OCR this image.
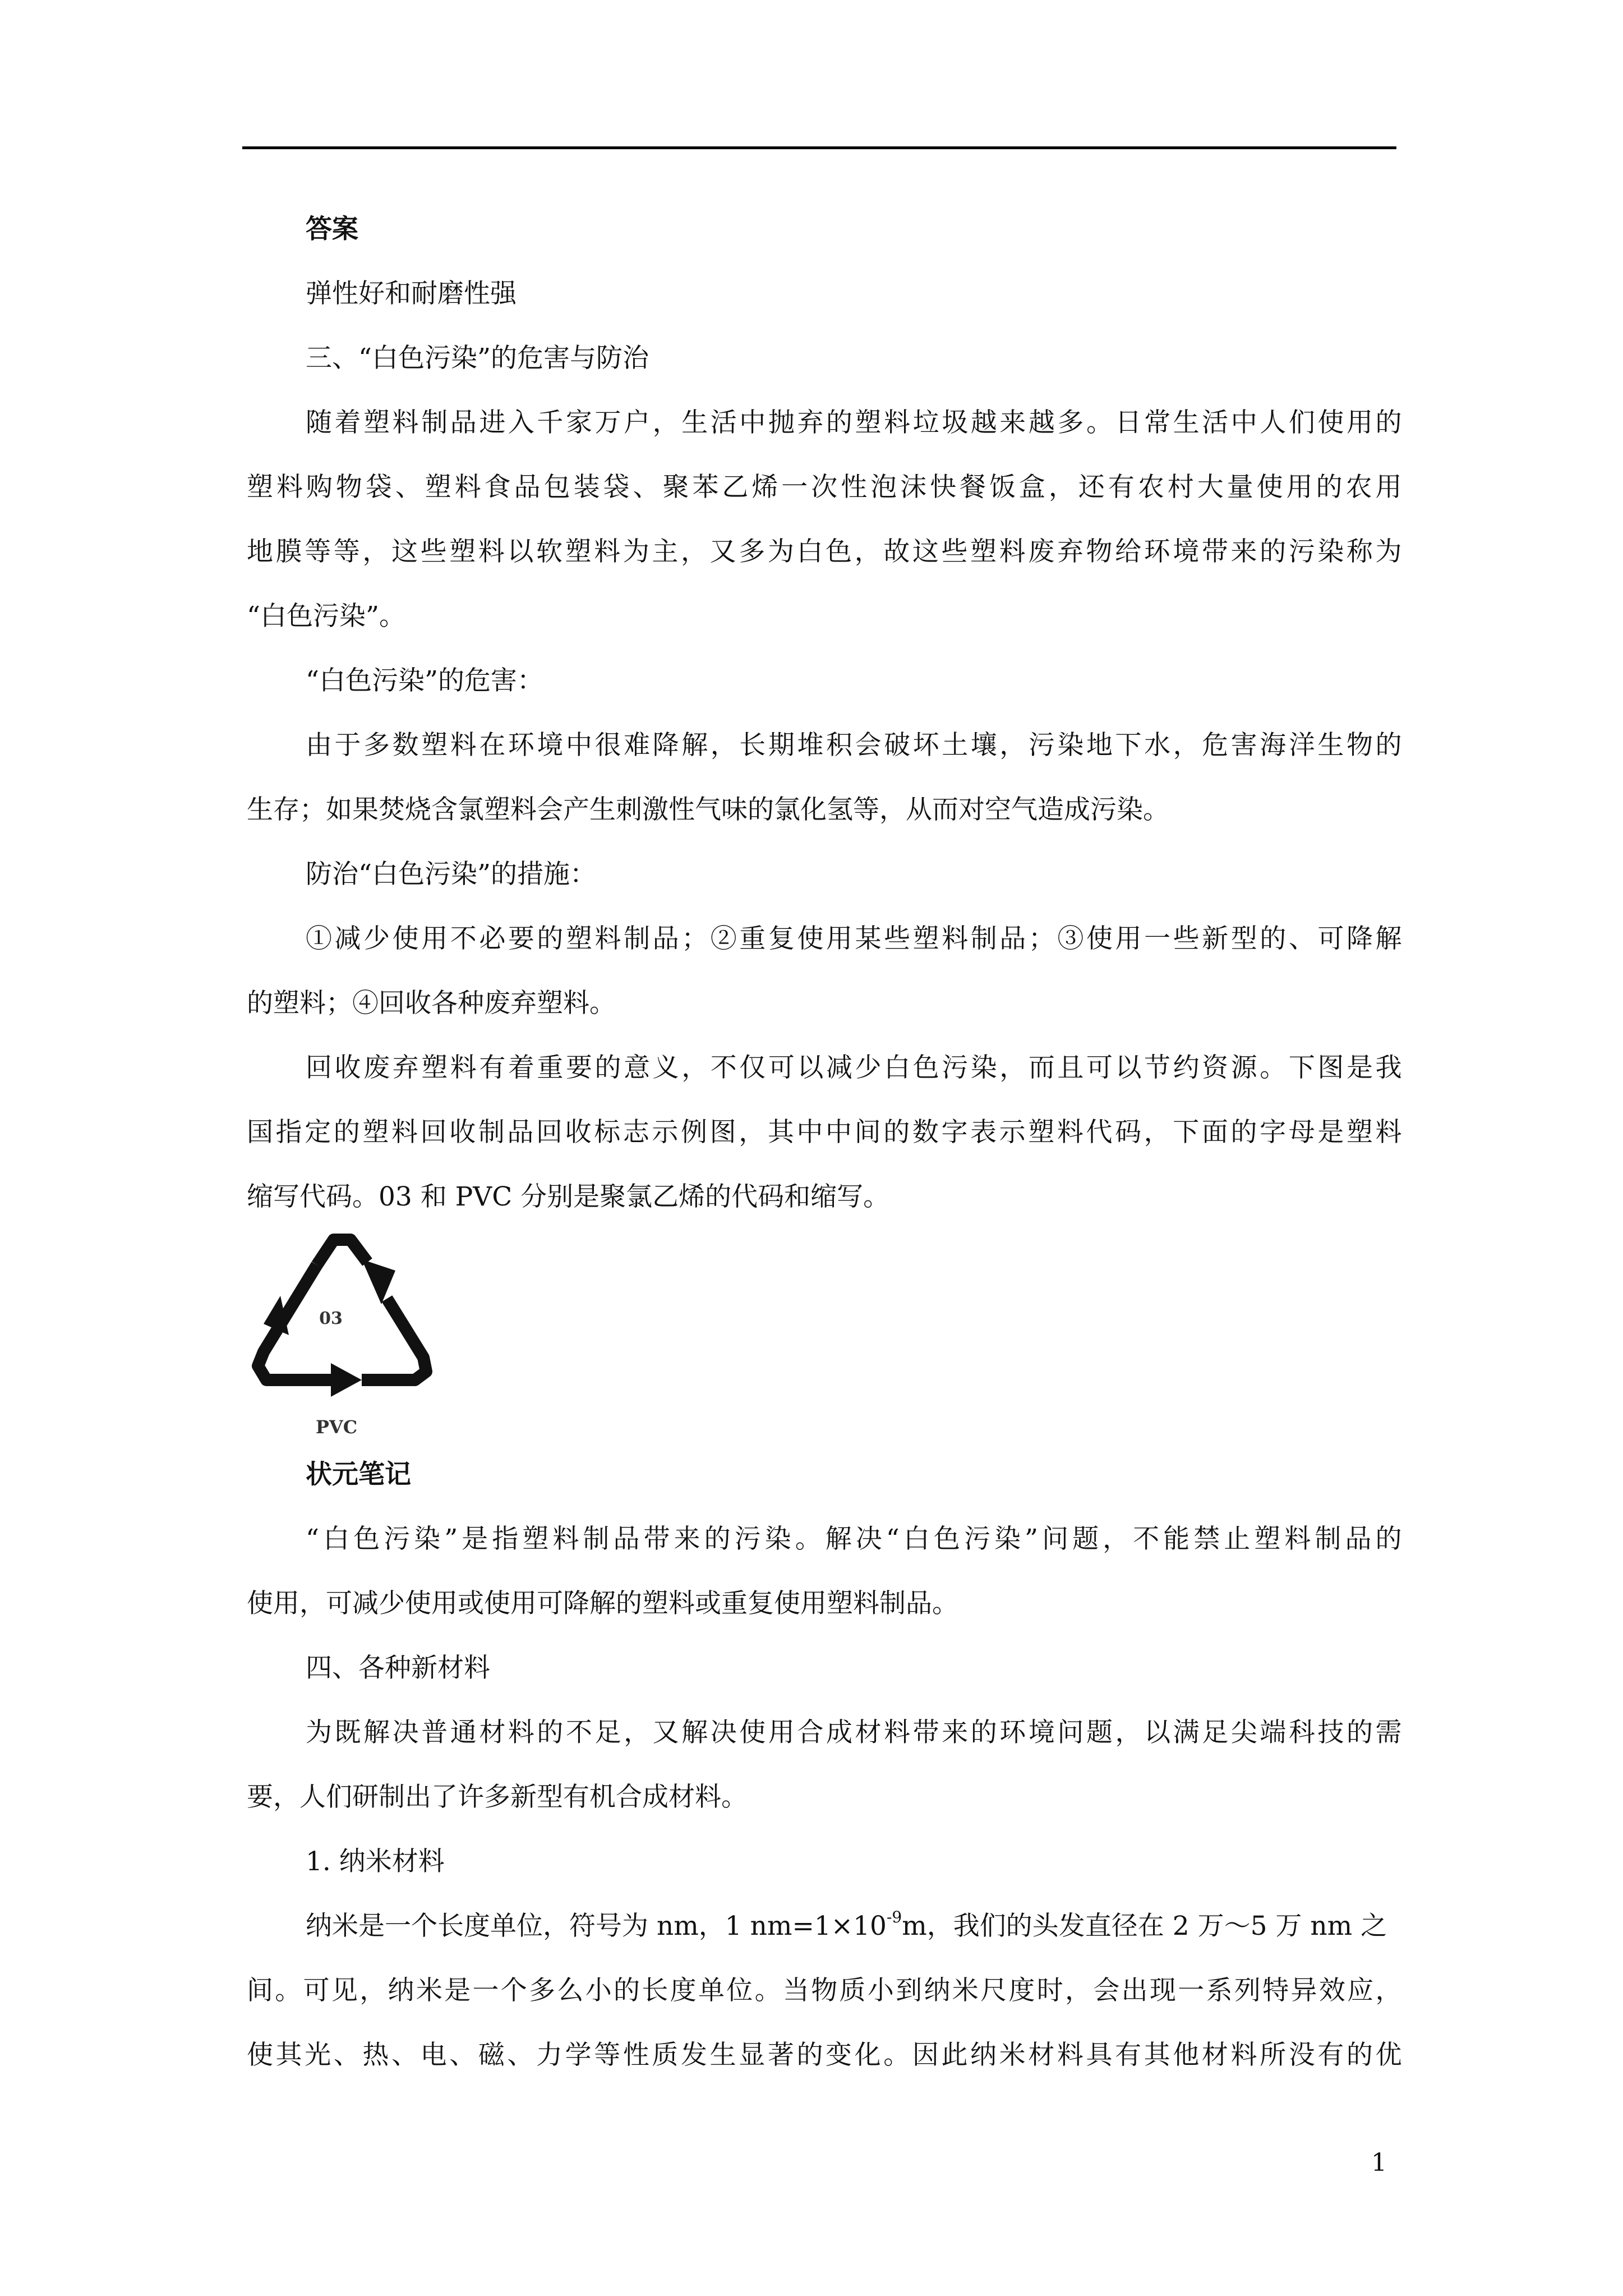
答案
弹性好和耐磨性强
三、“白色污染”的危害与防治
随着塑料制品进入千家万户，生活中抛弃的塑料垃圾越来越多。日常生活中人们使用的
塑料购物袋、塑料食品包装袋、聚苯乙烯一次性泡沫快餐饭盒，还有农村大量使用的农用
地膜等等，这些塑料以软塑料为主，又多为白色，故这些塑料废弃物给环境带来的污染称为
“白色污染”。
“白色污染”的危害：
由于多数塑料在环境中很难降解，长期堆积会破坏土壤，污染地下水，危害海洋生物的
生存；如果焚烧含氯塑料会产生刺激性气味的氯化氢等，从而对空气造成污染。
防治“白色污染”的措施：
①减少使用不必要的塑料制品；②重复使用某些塑料制品；③使用一些新型的、可降解
的塑料；④回收各种废弃塑料。
回收废弃塑料有着重要的意义，不仅可以减少白色污染，而且可以节约资源。下图是我
国指定的塑料回收制品回收标志示例图，其中中间的数字表示塑料代码，下面的字母是塑料
缩写代码。03 和 PVC 分别是聚氯乙烯的代码和缩写。
03
PVC
状元笔记
“白色污染”是指塑料制品带来的污染。解决“白色污染”问题，不能禁止塑料制品的
使用，可减少使用或使用可降解的塑料或重复使用塑料制品。
四、各种新材料
为既解决普通材料的不足，又解决使用合成材料带来的环境问题，以满足尖端科技的需
要，人们研制出了许多新型有机合成材料。
1. 纳米材料
纳米是一个长度单位，符号为 nm，1 $nm=1\times 10^{-9}m$，我们的头发直径在 2 万～5 万 nm 之
间。可见，纳米是一个多么小的长度单位。当物质小到纳米尺度时，会出现一系列特异效应，
使其光、热、电、磁、力学等性质发生显著的变化。因此纳米材料具有其他材料所没有的优
1
